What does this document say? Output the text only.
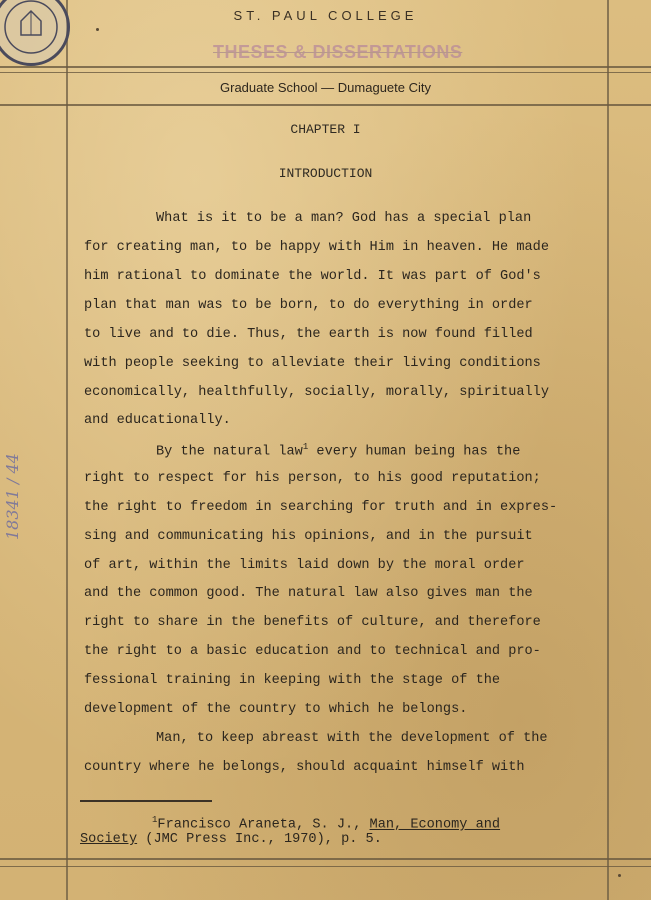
ST. PAUL COLLEGE
THESES & DISSERTATIONS
Graduate School — Dumaguete City
18341 / 44
CHAPTER I
INTRODUCTION
What is it to be a man? God has a special plan
for creating man, to be happy with Him in heaven. He made
him rational to dominate the world. It was part of God's
plan that man was to be born, to do everything in order
to live and to die. Thus, the earth is now found filled
with people seeking to alleviate their living conditions
economically, healthfully, socially, morally, spiritually
and educationally.
By the natural law$^1$ every human being has the
right to respect for his person, to his good reputation;
the right to freedom in searching for truth and in expres-
sing and communicating his opinions, and in the pursuit
of art, within the limits laid down by the moral order
and the common good. The natural law also gives man the
right to share in the benefits of culture, and therefore
the right to a basic education and to technical and pro-
fessional training in keeping with the stage of the
development of the country to which he belongs.
Man, to keep abreast with the development of the
country where he belongs, should acquaint himself with
$^1$Francisco Araneta, S. J., Man, Economy and
Society (JMC Press Inc., 1970), p. 5.
